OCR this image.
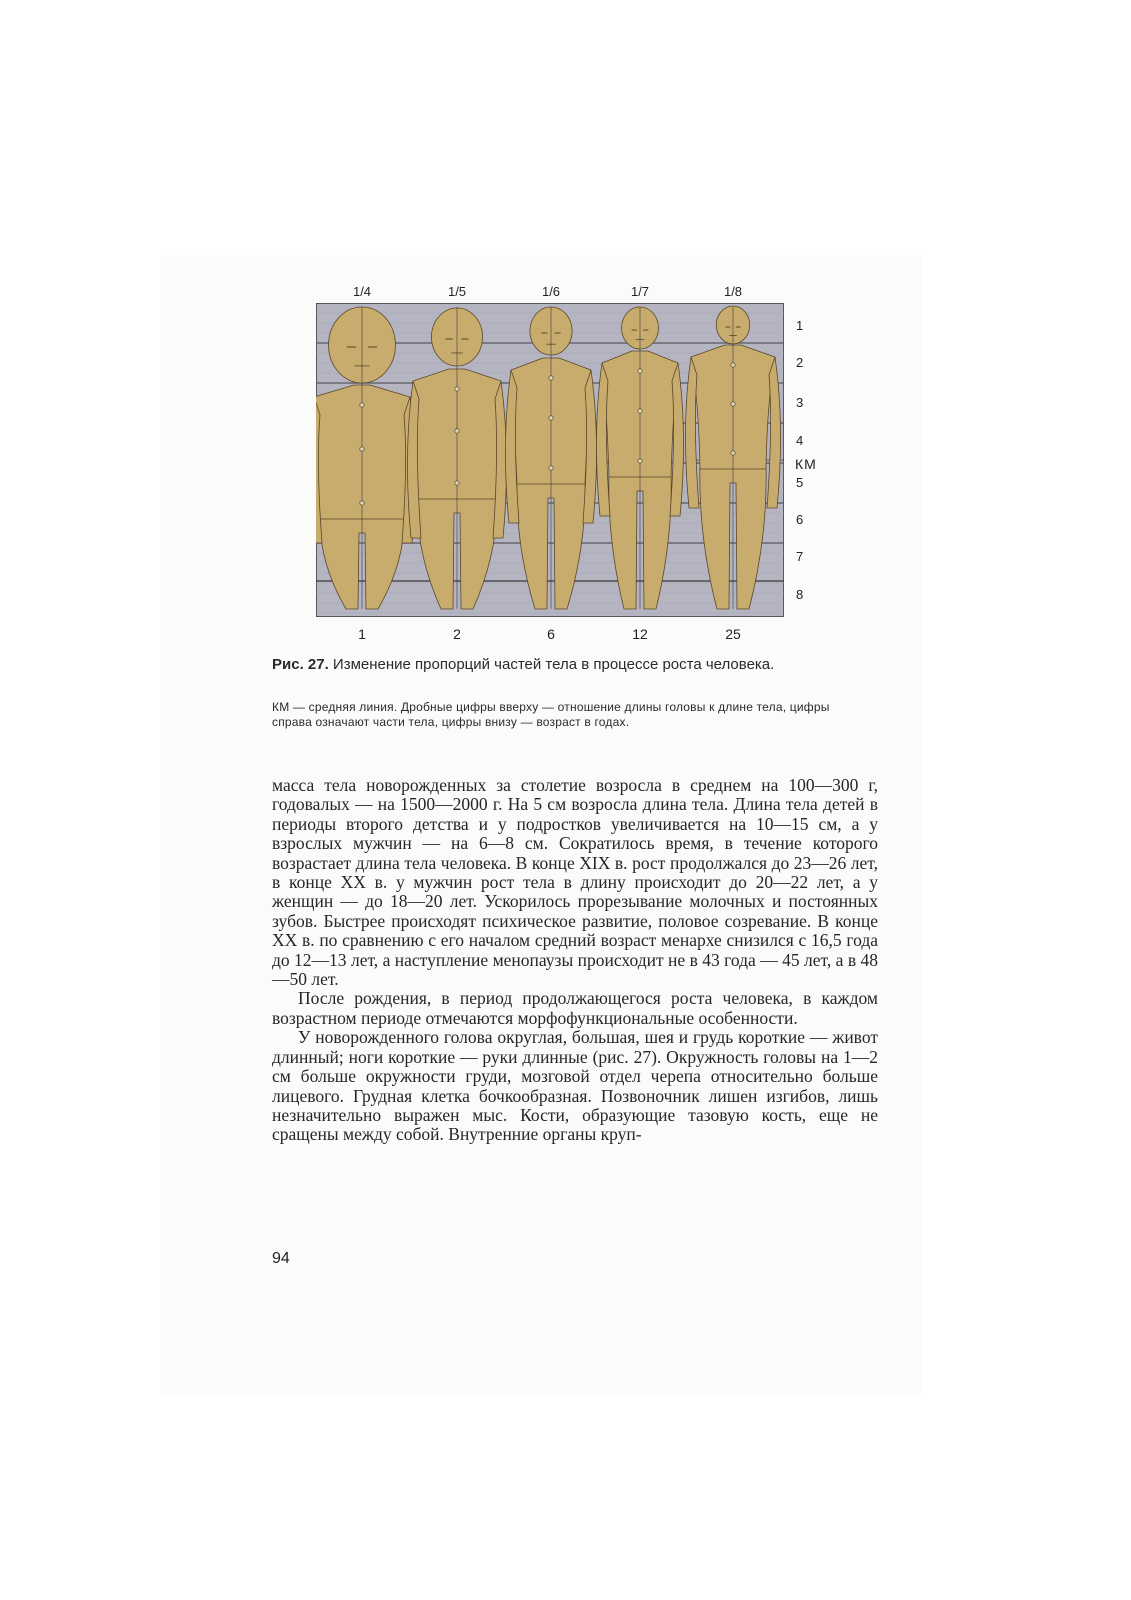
1/4	1/5	1/6	1/7	1/8
1
2
3
4
КМ
5
6
7
8
1	2	6	12	25
Рис. 27. Изменение пропорций частей тела в процессе роста человека.
КМ — средняя линия. Дробные цифры вверху — отношение длины головы к длине тела, цифры справа означают части тела, цифры внизу — возраст в годах.

масса тела новорожденных за столетие возросла в среднем на 100—300 г, годовалых — на 1500—2000 г. На 5 см возросла длина тела. Длина тела детей в периоды второго детства и у подростков увеличивается на 10—15 см, а у взрослых мужчин — на 6—8 см. Сократилось время, в течение которого возрастает длина тела человека. В конце XIX в. рост продолжался до 23—26 лет, в конце XX в. у мужчин рост тела в длину происходит до 20—22 лет, а у женщин — до 18—20 лет. Ускорилось прорезывание молочных и постоянных зубов. Быстрее происходят психическое развитие, половое созревание. В конце XX в. по сравнению с его началом средний возраст менархе снизился с 16,5 года до 12—13 лет, а наступление менопаузы происходит не в 43 года — 45 лет, а в 48—50 лет.

После рождения, в период продолжающегося роста человека, в каждом возрастном периоде отмечаются морфофункциональные особенности.

У новорожденного голова округлая, большая, шея и грудь короткие — живот длинный; ноги короткие — руки длинные (рис. 27). Окружность головы на 1—2 см больше окружности груди, мозговой отдел черепа относительно больше лицевого. Грудная клетка бочкообразная. Позвоночник лишен изгибов, лишь незначительно выражен мыс. Кости, образующие тазовую кость, еще не сращены между собой. Внутренние органы круп-

94
